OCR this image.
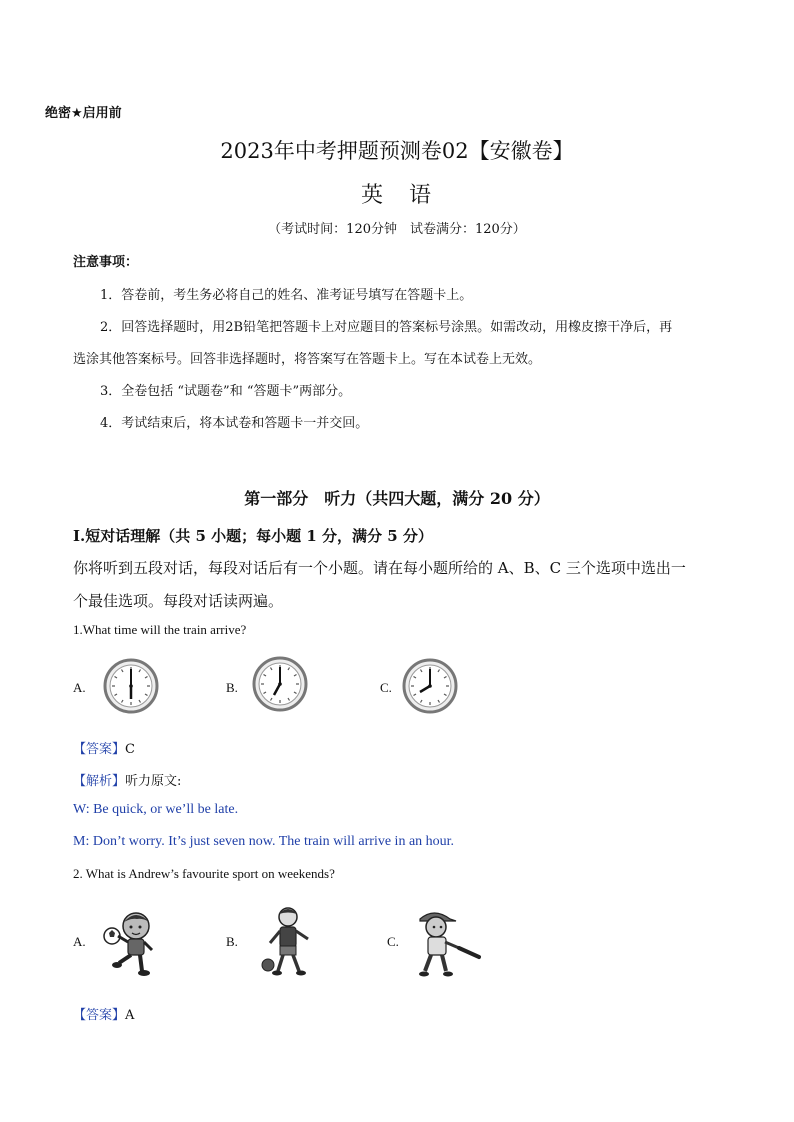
绝密★启用前
2023年中考押题预测卷02【安徽卷】
英　语
（考试时间：120分钟　试卷满分：120分）
注意事项：
1．答卷前，考生务必将自己的姓名、准考证号填写在答题卡上。
2．回答选择题时，用2B铅笔把答题卡上对应题目的答案标号涂黑。如需改动，用橡皮擦干净后，再
选涂其他答案标号。回答非选择题时，将答案写在答题卡上。写在本试卷上无效。
3．全卷包括 “试题卷”和 “答题卡”两部分。
4．考试结束后，将本试卷和答题卡一并交回。
第一部分　听力（共四大题，满分 20 分）
Ⅰ.短对话理解（共 5 小题；每小题 1 分，满分 5 分）
你将听到五段对话，每段对话后有一个小题。请在每小题所给的 A、B、C 三个选项中选出一
个最佳选项。每段对话读两遍。
1.What time will the train arrive?
A.	B.	C.
【答案】C
【解析】听力原文:
W: Be quick, or we’ll be late.
M: Don’t worry. It’s just seven now. The train will arrive in an hour.
2. What is Andrew’s favourite sport on weekends?
A.	B.	C.
【答案】A
